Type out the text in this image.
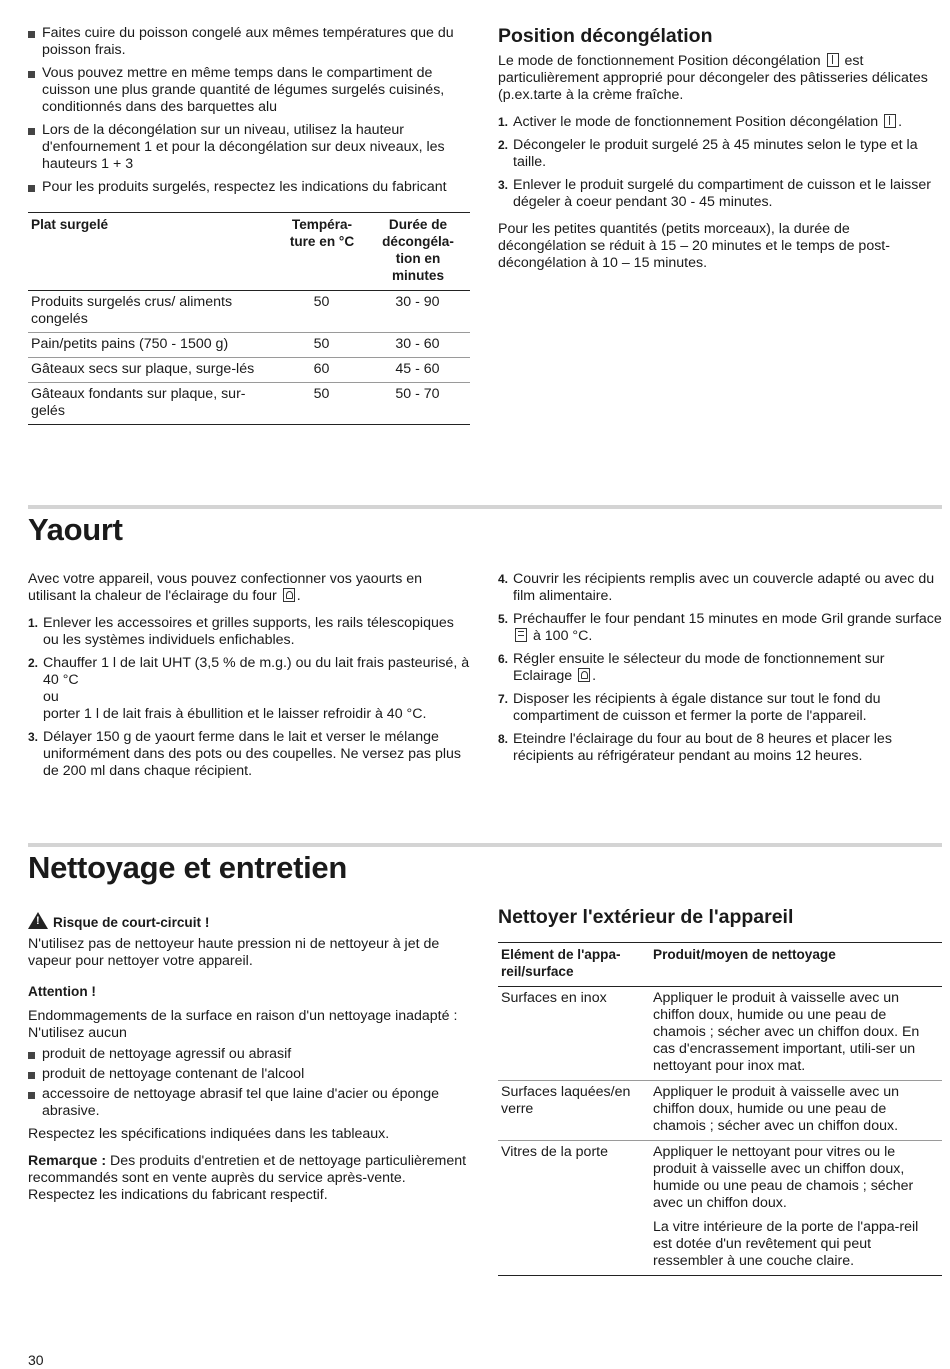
Faites cuire du poisson congelé aux mêmes températures que du poisson frais.
Vous pouvez mettre en même temps dans le compartiment de cuisson une plus grande quantité de légumes surgelés cuisinés, conditionnés dans des barquettes alu
Lors de la décongélation sur un niveau, utilisez la hauteur d'enfournement 1 et pour la décongélation sur deux niveaux, les hauteurs 1 + 3
Pour les produits surgelés, respectez les indications du fabricant
Plat surgelé	Tempéra-ture en °C	Durée de décongéla-tion en minutes
Produits surgelés crus/ aliments congelés	50	30 - 90
Pain/petits pains (750 - 1500 g)	50	30 - 60
Gâteaux secs sur plaque, surge-lés	60	45 - 60
Gâteaux fondants sur plaque, sur-gelés	50	50 - 70
Position décongélation

Le mode de fonctionnement Position décongélation est particulièrement approprié pour décongeler des pâtisseries délicates (p.ex.tarte à la crème fraîche.

1. Activer le mode de fonctionnement Position décongélation .
2. Décongeler le produit surgelé 25 à 45 minutes selon le type et la taille.
3. Enlever le produit surgelé du compartiment de cuisson et le laisser dégeler à coeur pendant 30 - 45 minutes.

Pour les petites quantités (petits morceaux), la durée de décongélation se réduit à 15 – 20 minutes et le temps de post-décongélation à 10 – 15 minutes.

Yaourt

Avec votre appareil, vous pouvez confectionner vos yaourts en utilisant la chaleur de l'éclairage du four .

1. Enlever les accessoires et grilles supports, les rails télescopiques ou les systèmes individuels enfichables.
2. Chauffer 1 l de lait UHT (3,5 % de m.g.) ou du lait frais pasteurisé, à 40 °C
ou
porter 1 l de lait frais à ébullition et le laisser refroidir à 40 °C.
3. Délayer 150 g de yaourt ferme dans le lait et verser le mélange uniformément dans des pots ou des coupelles. Ne versez pas plus de 200 ml dans chaque récipient.
4. Couvrir les récipients remplis avec un couvercle adapté ou avec du film alimentaire.
5. Préchauffer le four pendant 15 minutes en mode Gril grande surface  à 100 °C.
6. Régler ensuite le sélecteur du mode de fonctionnement sur Eclairage .
7. Disposer les récipients à égale distance sur tout le fond du compartiment de cuisson et fermer la porte de l'appareil.
8. Eteindre l'éclairage du four au bout de 8 heures et placer les récipients au réfrigérateur pendant au moins 12 heures.
Nettoyage et entretien
!Risque de court-circuit !

N'utilisez pas de nettoyeur haute pression ni de nettoyeur à jet de vapeur pour nettoyer votre appareil.

Attention !

Endommagements de la surface en raison d'un nettoyage inadapté : N'utilisez aucun

produit de nettoyage agressif ou abrasif
produit de nettoyage contenant de l'alcool
accessoire de nettoyage abrasif tel que laine d'acier ou éponge abrasive.

Respectez les spécifications indiquées dans les tableaux.

Remarque : Des produits d'entretien et de nettoyage particulièrement recommandés sont en vente auprès du service après-vente. Respectez les indications du fabricant respectif.

Nettoyer l'extérieur de l'appareil
Elément de l'appa-reil/surface	Produit/moyen de nettoyage
Surfaces en inox	Appliquer le produit à vaisselle avec un chiffon doux, humide ou une peau de chamois ; sécher avec un chiffon doux. En cas d'encrassement important, utili-ser un nettoyant pour inox mat.

Surfaces laquées/en verre	Appliquer le produit à vaisselle avec un chiffon doux, humide ou une peau de chamois ; sécher avec un chiffon doux.

Vitres de la porte	Appliquer le nettoyant pour vitres ou le produit à vaisselle avec un chiffon doux, humide ou une peau de chamois ; sécher avec un chiffon doux.

La vitre intérieure de la porte de l'appa-reil est dotée d'un revêtement qui peut ressembler à une couche claire.

30
